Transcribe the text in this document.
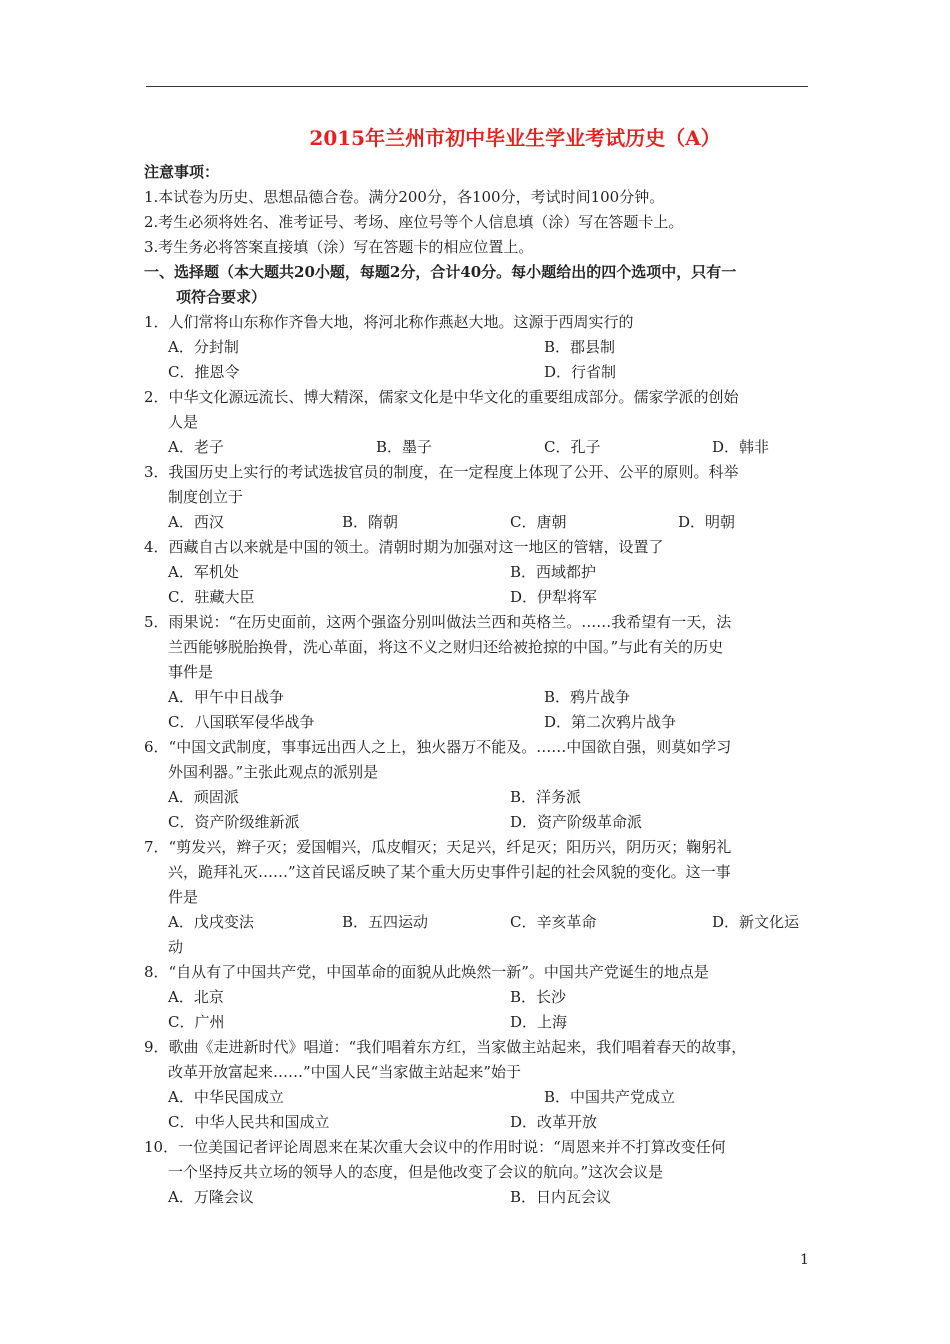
2015年兰州市初中毕业生学业考试历史（A）
注意事项：
1.本试卷为历史、思想品德合卷。满分200分，各100分，考试时间100分钟。
2.考生必须将姓名、准考证号、考场、座位号等个人信息填（涂）写在答题卡上。
3.考生务必将答案直接填（涂）写在答题卡的相应位置上。
一、选择题（本大题共20小题，每题2分，合计40分。每小题给出的四个选项中，只有一
项符合要求）
1．人们常将山东称作齐鲁大地，将河北称作燕赵大地。这源于西周实行的
A．分封制	B．郡县制
C．推恩令	D．行省制
2．中华文化源远流长、博大精深，儒家文化是中华文化的重要组成部分。儒家学派的创始
人是
A．老子	B．墨子	C．孔子	D．韩非
3．我国历史上实行的考试选拔官员的制度，在一定程度上体现了公开、公平的原则。科举
制度创立于
A．西汉	B．隋朝	C．唐朝	D．明朝
4．西藏自古以来就是中国的领土。清朝时期为加强对这一地区的管辖，设置了
A．军机处	B．西域都护
C．驻藏大臣	D．伊犁将军
5．雨果说：“在历史面前，这两个强盗分别叫做法兰西和英格兰。……我希望有一天，法
兰西能够脱胎换骨，洗心革面，将这不义之财归还给被抢掠的中国。”与此有关的历史
事件是
A．甲午中日战争	B．鸦片战争
C．八国联军侵华战争	D．第二次鸦片战争
6．“中国文武制度，事事远出西人之上，独火器万不能及。……中国欲自强，则莫如学习
外国利器。”主张此观点的派别是
A．顽固派	B．洋务派
C．资产阶级维新派	D．资产阶级革命派
7．“剪发兴，辫子灭；爱国帽兴，瓜皮帽灭；天足兴，纤足灭；阳历兴，阴历灭；鞠躬礼
兴，跪拜礼灭……”这首民谣反映了某个重大历史事件引起的社会风貌的变化。这一事
件是
A．戊戌变法	B．五四运动	C．辛亥革命	D．新文化运
动
8．“自从有了中国共产党，中国革命的面貌从此焕然一新”。中国共产党诞生的地点是
A．北京	B．长沙
C．广州	D．上海
9．歌曲《走进新时代》唱道：“我们唱着东方红，当家做主站起来，我们唱着春天的故事，
改革开放富起来……”中国人民“当家做主站起来”始于
A．中华民国成立	B．中国共产党成立
C．中华人民共和国成立	D．改革开放
10．一位美国记者评论周恩来在某次重大会议中的作用时说：“周恩来并不打算改变任何
一个坚持反共立场的领导人的态度，但是他改变了会议的航向。”这次会议是
A．万隆会议	B．日内瓦会议
1
